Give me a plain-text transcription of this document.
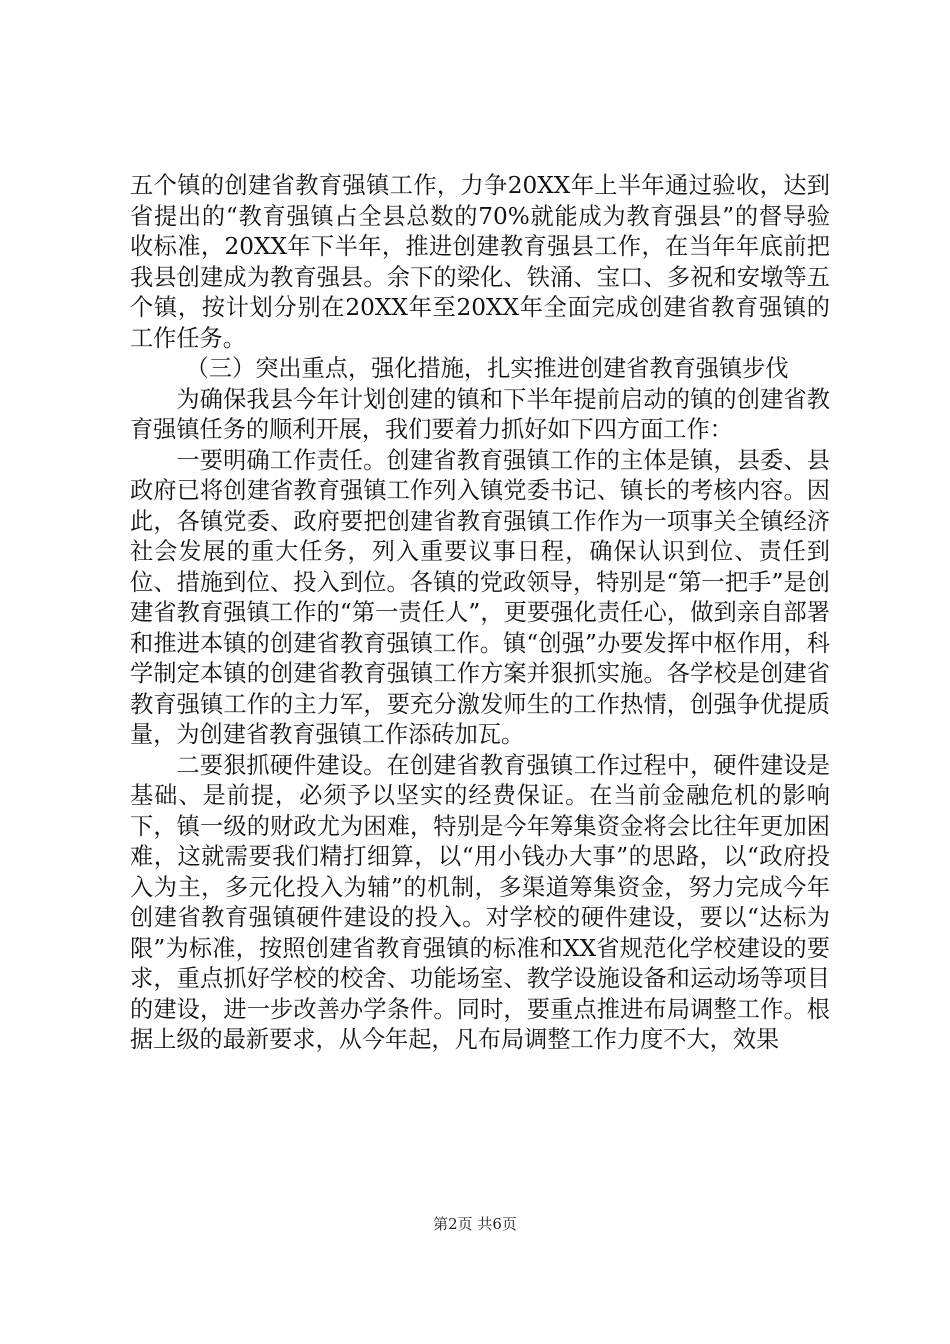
五个镇的创建省教育强镇工作，力争20XX年上半年通过验收，达到省提出的“教育强镇占全县总数的70%就能成为教育强县”的督导验收标准，20XX年下半年，推进创建教育强县工作，在当年年底前把我县创建成为教育强县。余下的梁化、铁涌、宝口、多祝和安墩等五个镇，按计划分别在20XX年至20XX年全面完成创建省教育强镇的工作任务。

（三）突出重点，强化措施，扎实推进创建省教育强镇步伐

为确保我县今年计划创建的镇和下半年提前启动的镇的创建省教育强镇任务的顺利开展，我们要着力抓好如下四方面工作：

一要明确工作责任。创建省教育强镇工作的主体是镇，县委、县政府已将创建省教育强镇工作列入镇党委书记、镇长的考核内容。因此，各镇党委、政府要把创建省教育强镇工作作为一项事关全镇经济社会发展的重大任务，列入重要议事日程，确保认识到位、责任到位、措施到位、投入到位。各镇的党政领导，特别是“第一把手”是创建省教育强镇工作的“第一责任人”，更要强化责任心，做到亲自部署和推进本镇的创建省教育强镇工作。镇“创强”办要发挥中枢作用，科学制定本镇的创建省教育强镇工作方案并狠抓实施。各学校是创建省教育强镇工作的主力军，要充分激发师生的工作热情，创强争优提质量，为创建省教育强镇工作添砖加瓦。

二要狠抓硬件建设。在创建省教育强镇工作过程中，硬件建设是基础、是前提，必须予以坚实的经费保证。在当前金融危机的影响下，镇一级的财政尤为困难，特别是今年筹集资金将会比往年更加困难，这就需要我们精打细算，以“用小钱办大事”的思路，以“政府投入为主，多元化投入为辅”的机制，多渠道筹集资金，努力完成今年创建省教育强镇硬件建设的投入。对学校的硬件建设，要以“达标为限”为标准，按照创建省教育强镇的标准和XX省规范化学校建设的要求，重点抓好学校的校舍、功能场室、教学设施设备和运动场等项目的建设，进一步改善办学条件。同时，要重点推进布局调整工作。根据上级的最新要求，从今年起，凡布局调整工作力度不大，效果

第2页 共6页
